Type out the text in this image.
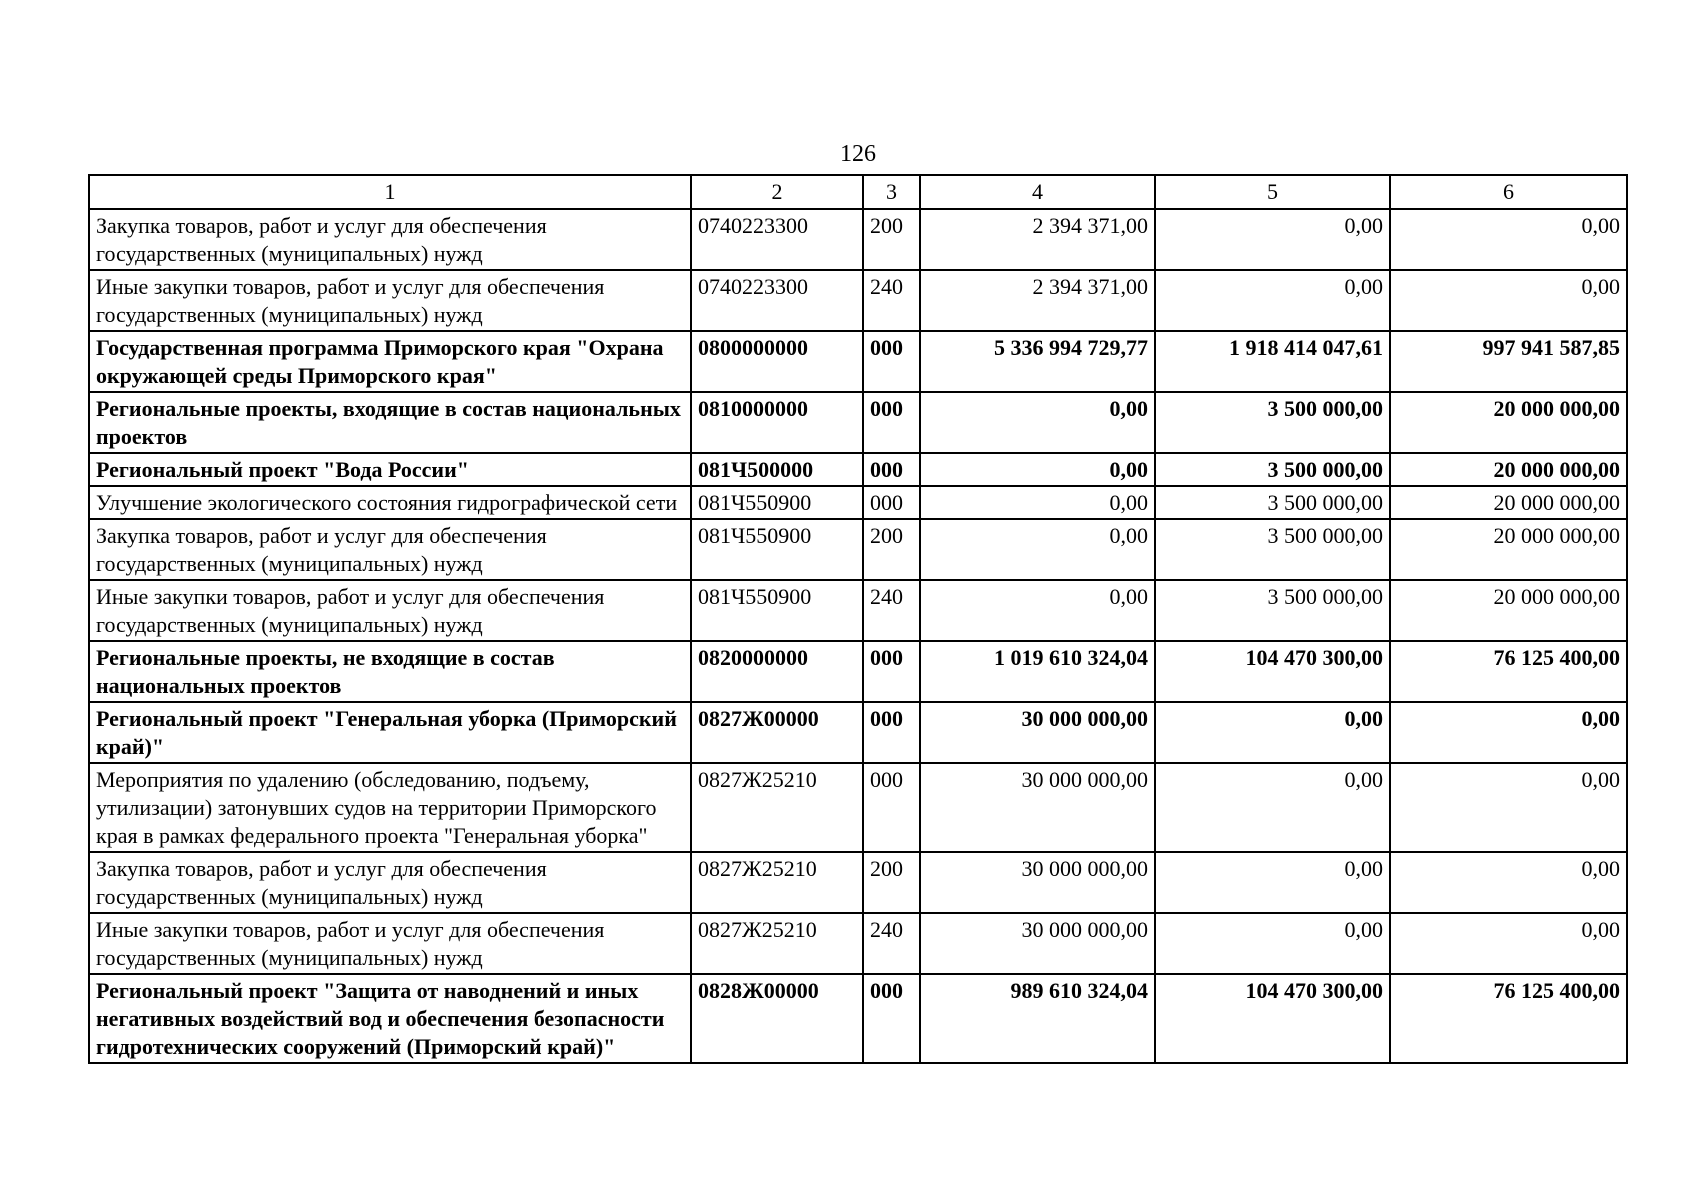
126
1	2	3	4	5	6
Закупка товаров, работ и услуг для обеспечения государственных (муниципальных) нужд	0740223300	200	2 394 371,00	0,00	0,00
Иные закупки товаров, работ и услуг для обеспечения государственных (муниципальных) нужд	0740223300	240	2 394 371,00	0,00	0,00
Государственная программа Приморского края "Охрана окружающей среды Приморского края"	0800000000	000	5 336 994 729,77	1 918 414 047,61	997 941 587,85
Региональные проекты, входящие в состав национальных проектов	0810000000	000	0,00	3 500 000,00	20 000 000,00
Региональный проект "Вода России"	081Ч500000	000	0,00	3 500 000,00	20 000 000,00
Улучшение экологического состояния гидрографической сети	081Ч550900	000	0,00	3 500 000,00	20 000 000,00
Закупка товаров, работ и услуг для обеспечения государственных (муниципальных) нужд	081Ч550900	200	0,00	3 500 000,00	20 000 000,00
Иные закупки товаров, работ и услуг для обеспечения государственных (муниципальных) нужд	081Ч550900	240	0,00	3 500 000,00	20 000 000,00
Региональные проекты, не входящие в состав национальных проектов	0820000000	000	1 019 610 324,04	104 470 300,00	76 125 400,00
Региональный проект "Генеральная уборка (Приморский край)"	0827Ж00000	000	30 000 000,00	0,00	0,00
Мероприятия по удалению (обследованию, подъему, утилизации) затонувших судов на территории Приморского края в рамках федерального проекта "Генеральная уборка"	0827Ж25210	000	30 000 000,00	0,00	0,00
Закупка товаров, работ и услуг для обеспечения государственных (муниципальных) нужд	0827Ж25210	200	30 000 000,00	0,00	0,00
Иные закупки товаров, работ и услуг для обеспечения государственных (муниципальных) нужд	0827Ж25210	240	30 000 000,00	0,00	0,00
Региональный проект "Защита от наводнений и иных негативных воздействий вод и обеспечения безопасности гидротехнических сооружений (Приморский край)"	0828Ж00000	000	989 610 324,04	104 470 300,00	76 125 400,00
